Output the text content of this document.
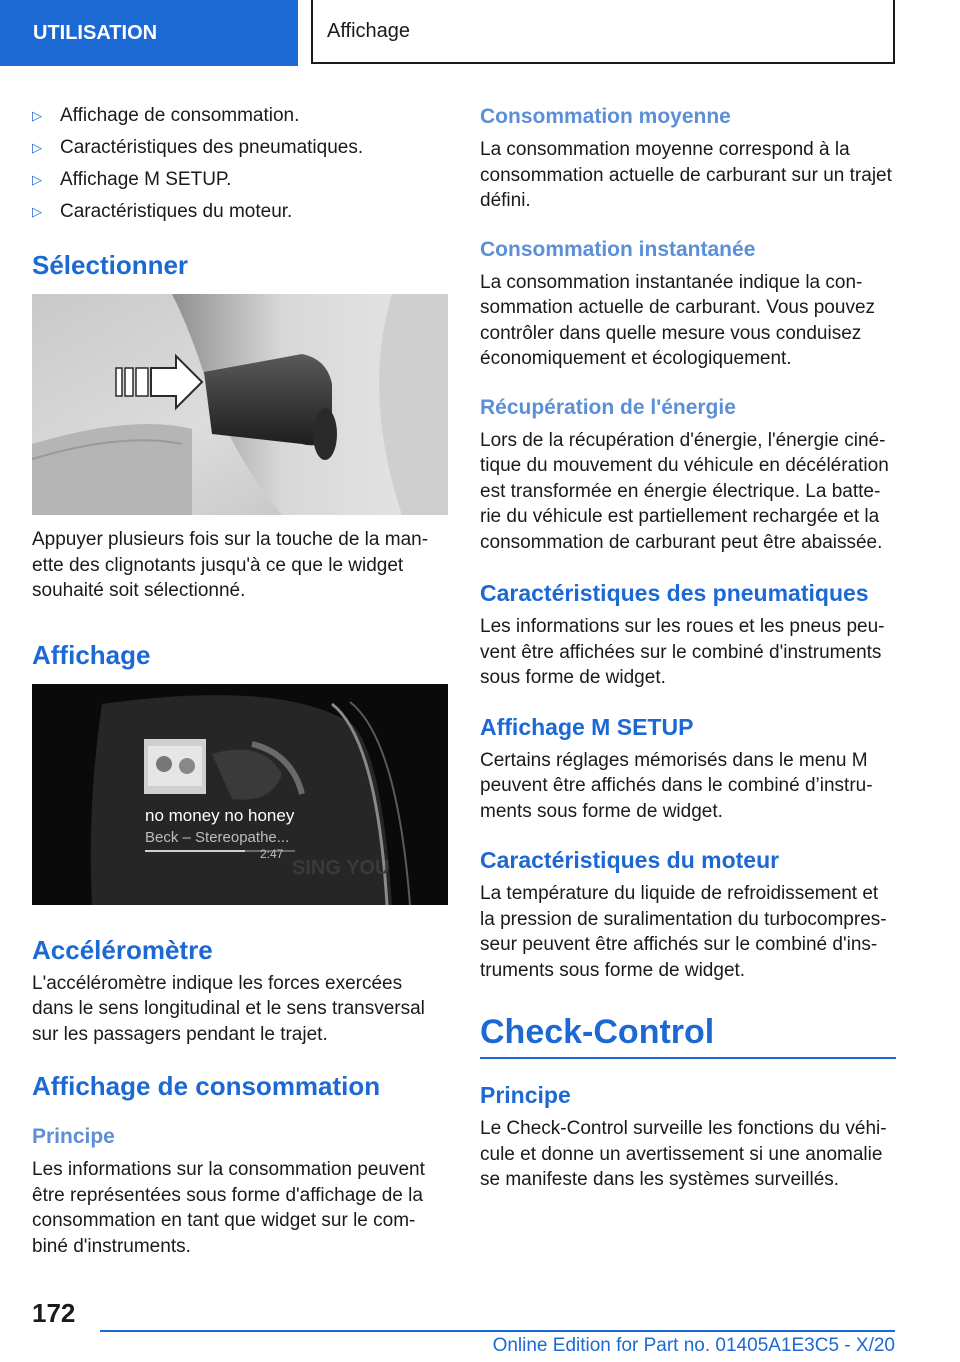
UTILISATION	Affichage
▷ Affichage de consommation.
▷ Caractéristiques des pneumatiques.
▷ Affichage M SETUP.
▷ Caractéristiques du moteur.
Sélectionner

Appuyer plusieurs fois sur la touche de la man-ette des clignotants jusqu'à ce que le widget souhaité soit sélectionné.

Affichage
no money no honey
Beck – Stereopathe...
2:47
SING YOU
Accéléromètre

L'accéléromètre indique les forces exercées dans le sens longitudinal et le sens transversal sur les passagers pendant le trajet.

Affichage de consommation
Principe

Les informations sur la consommation peuvent être représentées sous forme d'affichage de la consommation en tant que widget sur le com-biné d'instruments.

Consommation moyenne

La consommation moyenne correspond à la consommation actuelle de carburant sur un trajet défini.

Consommation instantanée

La consommation instantanée indique la con-sommation actuelle de carburant. Vous pouvez contrôler dans quelle mesure vous conduisez économiquement et écologiquement.

Récupération de l'énergie

Lors de la récupération d'énergie, l'énergie ciné-tique du mouvement du véhicule en décélération est transformée en énergie électrique. La batte-rie du véhicule est partiellement rechargée et la consommation de carburant peut être abaissée.

Caractéristiques des pneumatiques

Les informations sur les roues et les pneus peu-vent être affichées sur le combiné d'instruments sous forme de widget.

Affichage M SETUP

Certains réglages mémorisés dans le menu M peuvent être affichés dans le combiné d’instru-ments sous forme de widget.

Caractéristiques du moteur

La température du liquide de refroidissement et la pression de suralimentation du turbocompres-seur peuvent être affichés sur le combiné d'ins-truments sous forme de widget.

Check-Control
Principe

Le Check-Control surveille les fonctions du véhi-cule et donne un avertissement si une anomalie se manifeste dans les systèmes surveillés.

172
Online Edition for Part no. 01405A1E3C5 - X/20
